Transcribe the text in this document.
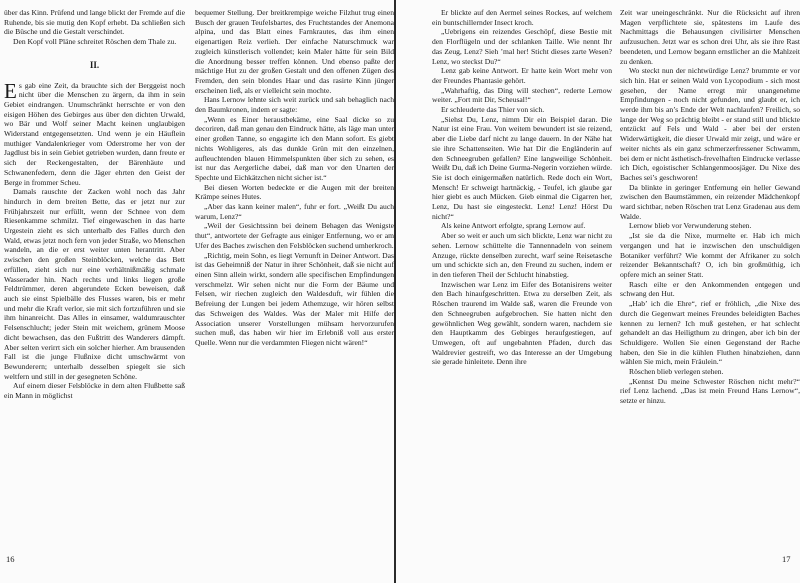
über das Kinn. Prüfend und lange blickt der Fremde auf die Ruhende, bis sie mutig den Kopf erhebt. Da schließen sich die Büsche und die Gestalt verschindet.

Den Kopf voll Pläne schreitet Röschen dem Thale zu.

II.

Es gab eine Zeit, da brauchte sich der Berggeist noch nicht über die Menschen zu ärgern, da ihm in sein Gebiet eindrangen. Unumschränkt herrschte er von den eisigen Höhen des Gebirges aus über den dichten Urwald, wo Bär und Wolf seiner Macht keinen unglaubigen Widerstand entgegensetzten. Und wenn je ein Häuflein muthiger Vandalenkrieger vom Oderstrome her von der Jagdlust bis in sein Gebiet getrieben wurden, dann freute er sich der Reckengestalten, der Bärenhäute und Schwanenfedern, denn die Jäger ehrten den Geist der Berge in frommer Scheu.

Damals rauschte der Zacken wohl noch das Jahr hindurch in dem breiten Bette, das er jetzt nur zur Frühjahrszeit nur erfüllt, wenn der Schnee von dem Riesenkamme schmilzt. Tief eingewaschen in das harte Urgestein zieht es sich unterhalb des Falles durch den Wald, etwas jetzt noch fern von jeder Straße, wo Menschen wandeln, an die er erst weiter unten herantritt. Aber zwischen den großen Steinblöcken, welche das Bett erfüllen, zieht sich nur eine verhältnißmäßig schmale Wasserader hin. Nach rechts und links liegen große Feldtrümmer, deren abgerundete Ecken beweisen, daß auch sie einst Spielbälle des Flusses waren, bis er mehr und mehr die Kraft verlor, sie mit sich fortzuführen und sie ihm hinanreicht. Das Alles in einsamer, waldumrauschter Felsenschlucht; jeder Stein mit weichem, grünem Moose dicht bewachsen, das den Fußtritt des Wanderers dämpft. Aber selten verirrt sich ein solcher hierher. Am brausenden Fall ist die junge Flußnixe dicht umschwärmt von Bewunderern; unterhalb desselben spiegelt sie sich weltfern und still in der gesegneten Schöne.

Auf einem dieser Felsblöcke in dem alten Flußbette saß ein Mann in möglichst

bequemer Stellung. Der breitkrempige weiche Filzhut trug einen Busch der grauen Teufelsbartes, des Fruchtstandes der Anemona alpina, und das Blatt eines Farnkrautes, das ihm einen eigenartigen Reiz verlieh. Der einfache Naturschmuck war zugleich künstlerisch vollendet; kein Maler hätte für sein Bild die Anordnung besser treffen können. Und ebenso paßte der mächtige Hut zu der großen Gestalt und den offenen Zügen des Fremden, den sein blondes Haar und das rasirte Kinn jünger erscheinen ließ, als er vielleicht sein mochte.

Hans Lernow lehnte sich weit zurück und sah behaglich nach den Baumkronen, indem er sagte:

„Wenn es Einer heraustbekäme, eine Saal dicke so zu decoriren, daß man genau den Eindruck hätte, als läge man unter einer großen Tanne, so engagirte ich den Mann sofort. Es giebt nichts Wohligeres, als das dunkle Grün mit den einzelnen, aufleuchtenden blauen Himmelspunkten über sich zu sehen, es ist nur das Aergerliche dabei, daß man vor den Unarten der Spechte und Eichkätzchen nicht sicher ist.“

Bei diesen Worten bedeckte er die Augen mit der breiten Krämpe seines Hutes.

„Aber das kann keiner malen“, fuhr er fort. „Weißt Du auch warum, Lenz?“

„Weil der Gesichtssinn bei deinem Behagen das Wenigste thut“, antwortete der Gefragte aus einiger Entfernung, wo er am Ufer des Baches zwischen den Felsblöcken suchend umherkroch.

„Richtig, mein Sohn, es liegt Vernunft in Deiner Antwort. Das ist das Geheimniß der Natur in ihrer Schönheit, daß sie nicht auf einen Sinn allein wirkt, sondern alle specifischen Empfindungen verschmelzt. Wir sehen nicht nur die Form der Bäume und Felsen, wir riechen zugleich den Waldesduft, wir fühlen die Befreiung der Lungen bei jedem Athemzuge, wir hören selbst das Schweigen des Waldes. Was der Maler mit Hilfe der Association unserer Vorstellungen mühsam hervorzurufen suchen muß, das haben wir hier im Erlebniß voll aus erster Quelle. Wenn nur die verdammten Fliegen nicht wären!“

16

Er blickte auf den Aermel seines Rockes, auf welchem ein buntschillernder Insect kroch.

„Uebrigens ein reizendes Geschöpf, diese Bestie mit den Florflügeln und der schlanken Taille. Wie nennt Ihr das Zeug, Lenz? Sieh ’mal her! Sticht dieses zarte Wesen? Lenz, wo steckst Du?“

Lenz gab keine Antwort. Er hatte kein Wort mehr von der Freundes Phantasie gehört.

„Wahrhaftig, das Ding will stechen“, rederte Lernow weiter. „Fort mit Dir, Scheusal!“

Er schleuderte das Thier von sich.

„Siehst Du, Lenz, nimm Dir ein Beispiel daran. Die Natur ist eine Frau. Von weitem bewundert ist sie reizend, aber die Liebe darf nicht zu lange dauern. In der Nähe hat sie ihre Schattenseiten. Wie hat Dir die Engländerin auf den Schneegruben gefallen? Eine langweilige Schönheit. Weißt Du, daß ich Deine Gurma-Negerin vorziehen würde. Sie ist doch einigermaßen natürlich. Rede doch ein Wort, Mensch! Er schweigt hartnäckig, - Teufel, ich glaube gar hier giebt es auch Mücken. Gieb einmal die Cigarren her, Lenz, Du hast sie eingesteckt. Lenz! Lenz! Hörst Du nicht?“

Als keine Antwort erfolgte, sprang Lernow auf.

Aber so weit er auch um sich blickte, Lenz war nicht zu sehen. Lernow schüttelte die Tannennadeln von seinem Anzuge, rückte denselben zurecht, warf seine Reisetasche um und schickte sich an, den Freund zu suchen, indem er in den tieferen Theil der Schlucht hinabstieg.

Inzwischen war Lenz im Eifer des Botanisirens weiter den Bach hinaufgeschritten. Etwa zu derselben Zeit, als Röschen traurend im Walde saß, waren die Freunde von den Schneegruben aufgebrochen. Sie hatten nicht den gewöhnlichen Weg gewählt, sondern waren, nachdem sie den Hauptkamm des Gebirges heraufgestiegen, auf Umwegen, oft auf ungebahnten Pfaden, durch das Waldrevier gestreift, wo das Interesse an der Umgebung sie gerade hinleitete. Denn ihre

Zeit war uneingeschränkt. Nur die Rücksicht auf ihren Magen verpflichtete sie, spätestens im Laufe des Nachmittags die Behausungen civilisirter Menschen aufzusuchen. Jetzt war es schon drei Uhr, als sie ihre Rast beendeten, und Lernow begann ernstlicher an die Mahlzeit zu denken.

Wo steckt nun der nichtwürdige Lenz? brummte er vor sich hin. Hat er seinen Wald von Lycopodium - sich most gesehen, der Name erregt mir unangenehme Empfindungen - noch nicht gefunden, und glaubt er, ich werde ihm bis an’s Ende der Welt nachlaufen? Freilich, so lange der Weg so prächtig bleibt - er stand still und blickte entzückt auf Fels und Wald - aber bei der ersten Widerwärtigkeit, die dieser Urwald mir zeigt, und wäre er weiter nichts als ein ganz schmerzerfressener Schwamm, bei dem er nicht ästhetisch-frevelhaften Eindrucke verlasse ich Dich, egoistischer Schlangenmoosjäger. Du Nixe des Baches sei’s geschworen!

Da blinkte in geringer Entfernung ein heller Gewand zwischen den Baumstämmen, ein reizender Mädchenkopf ward sichtbar, neben Röschen trat Lenz Gradenau aus dem Walde.

Lernow blieb vor Verwunderung stehen.

„Ist sie da die Nixe, murmelte er. Hab ich mich vergangen und hat ie inzwischen den unschuldigen Botaniker verführt? Wie kommt der Afrikaner zu solch reizender Bekanntschaft? O, ich bin großmüthig, ich opfere mich an seiner Statt.

Rasch eilte er den Ankommenden entgegen und schwang den Hut.

„Hab’ ich die Ehre“, rief er fröhlich, „die Nixe des durch die Gegenwart meines Freundes beleidigten Baches kennen zu lernen? Ich muß gestehen, er hat schlecht gehandelt an das Heiligthum zu dringen, aber ich bin der Schuldigere. Wollen Sie einen Gegenstand der Rache haben, den Sie in die kühlen Fluthen hinabziehen, dann wählen Sie mich, mein Fräulein.“

Röschen blieb verlegen stehen.

„Kennst Du meine Schwester Röschen nicht mehr?“ rief Lenz lachend. „Das ist mein Freund Hans Lernow“, setzte er hinzu.

17
